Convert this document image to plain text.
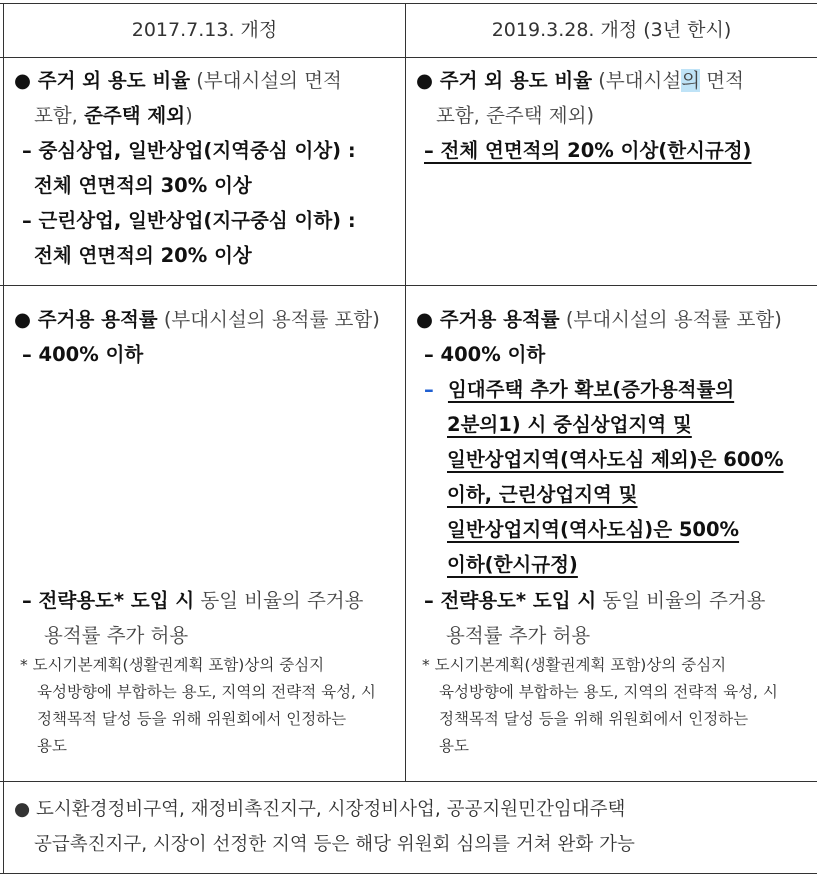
2017.7.13. 개정	2019.3.28. 개정 (3년 한시)
● 주거 외 용도 비율 (부대시설의 면적
포함, 준주택 제외)
– 중심상업, 일반상업(지역중심 이상) :
전체 연면적의 30% 이상
– 근린상업, 일반상업(지구중심 이하) :
전체 연면적의 20% 이상
● 주거 외 용도 비율 (부대시설의 면적
포함, 준주택 제외)
– 전체 연면적의 20% 이상(한시규정)
● 주거용 용적률 (부대시설의 용적률 포함)
– 400% 이하
– 전략용도* 도입 시 동일 비율의 주거용
용적률 추가 허용
* 도시기본계획(생활권계획 포함)상의 중심지
육성방향에 부합하는 용도, 지역의 전략적 육성, 시
정책목적 달성 등을 위해 위원회에서 인정하는
용도
● 주거용 용적률 (부대시설의 용적률 포함)
– 400% 이하
– 임대주택 추가 확보(증가용적률의
2분의1) 시 중심상업지역 및
일반상업지역(역사도심 제외)은 600%
이하, 근린상업지역 및
일반상업지역(역사도심)은 500%
이하(한시규정)
– 전략용도* 도입 시 동일 비율의 주거용
용적률 추가 허용
* 도시기본계획(생활권계획 포함)상의 중심지
육성방향에 부합하는 용도, 지역의 전략적 육성, 시
정책목적 달성 등을 위해 위원회에서 인정하는
용도
● 도시환경정비구역, 재정비촉진지구, 시장정비사업, 공공지원민간임대주택
공급촉진지구, 시장이 선정한 지역 등은 해당 위원회 심의를 거쳐 완화 가능
